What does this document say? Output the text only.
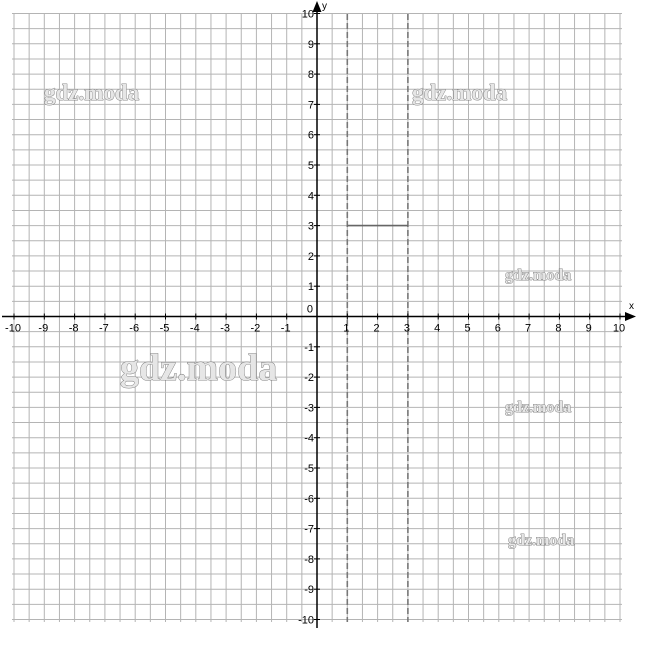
-10 -9 -8 -7 -6 -5 -4 -3 -2 -1	1 2 3 4 5 6 7 8 9 10
-10
-9
-8
-7
-6
-5
-4
-3
-2
-1
1
2
3
4
5
6
7
8
9
10
x
y
0
gdz.moda	gdz.moda
gdz.moda
gdz.moda
gdz.moda
gdz.moda
